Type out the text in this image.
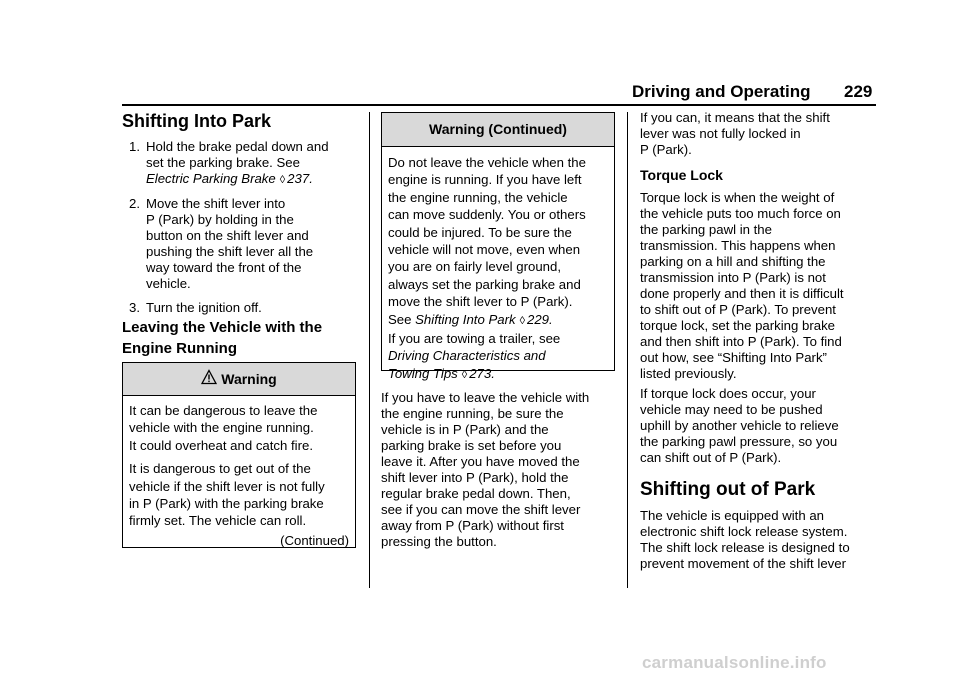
Driving and Operating 229
Shifting Into Park
1. Hold the brake pedal down and
set the parking brake. See
Electric Parking Brake ◊ 237.
2. Move the shift lever into
P (Park) by holding in the
button on the shift lever and
pushing the shift lever all the
way toward the front of the
vehicle.
3. Turn the ignition off.
Leaving the Vehicle with the
Engine Running
Warning
It can be dangerous to leave the
vehicle with the engine running.
It could overheat and catch fire.
It is dangerous to get out of the
vehicle if the shift lever is not fully
in P (Park) with the parking brake
firmly set. The vehicle can roll.
(Continued)
Warning (Continued)
Do not leave the vehicle when the
engine is running. If you have left
the engine running, the vehicle
can move suddenly. You or others
could be injured. To be sure the
vehicle will not move, even when
you are on fairly level ground,
always set the parking brake and
move the shift lever to P (Park).
See Shifting Into Park ◊ 229.
If you are towing a trailer, see
Driving Characteristics and
Towing Tips ◊ 273.
If you have to leave the vehicle with
the engine running, be sure the
vehicle is in P (Park) and the
parking brake is set before you
leave it. After you have moved the
shift lever into P (Park), hold the
regular brake pedal down. Then,
see if you can move the shift lever
away from P (Park) without first
pressing the button.
If you can, it means that the shift
lever was not fully locked in
P (Park).
Torque Lock
Torque lock is when the weight of
the vehicle puts too much force on
the parking pawl in the
transmission. This happens when
parking on a hill and shifting the
transmission into P (Park) is not
done properly and then it is difficult
to shift out of P (Park). To prevent
torque lock, set the parking brake
and then shift into P (Park). To find
out how, see “Shifting Into Park”
listed previously.
If torque lock does occur, your
vehicle may need to be pushed
uphill by another vehicle to relieve
the parking pawl pressure, so you
can shift out of P (Park).
Shifting out of Park
The vehicle is equipped with an
electronic shift lock release system.
The shift lock release is designed to
prevent movement of the shift lever
carmanualsonline.info
